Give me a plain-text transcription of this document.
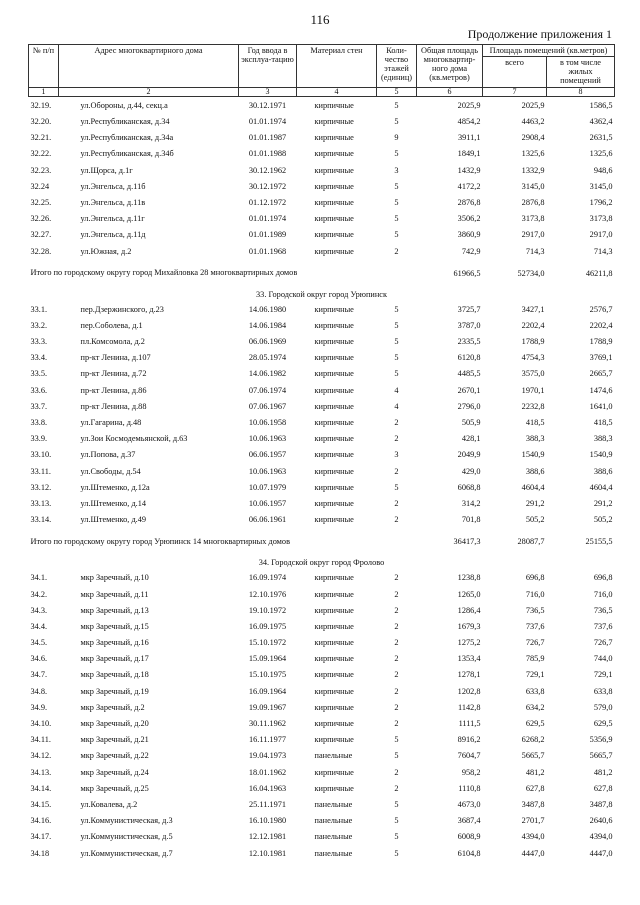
116
Продолжение приложения 1
№ п/п	Адрес многоквартирного дома	Год ввода в эксплуа-тацию	Материал стен	Коли-чество этажей (единиц)	Общая площадь многоквартир-ного дома (кв.метров)	Площадь помещений (кв.метров)	
						всего	в том числе жилых помещений
1	2	3	4	5	6	7	8
32.19.	ул.Обороны, д.44, секц.а	30.12.1971	кирпичные	5	2025,9	2025,9	1586,5
32.20.	ул.Республиканская, д.34	01.01.1974	кирпичные	5	4854,2	4463,2	4362,4
32.21.	ул.Республиканская, д.34а	01.01.1987	кирпичные	9	3911,1	2908,4	2631,5
32.22.	ул.Республиканская, д.34б	01.01.1988	кирпичные	5	1849,1	1325,6	1325,6
32.23.	ул.Щорса, д.1г	30.12.1962	кирпичные	3	1432,9	1332,9	948,6
32.24	ул.Энгельса, д.11б	30.12.1972	кирпичные	5	4172,2	3145,0	3145,0
32.25.	ул.Энгельса, д.11в	01.12.1972	кирпичные	5	2876,8	2876,8	1796,2
32.26.	ул.Энгельса, д.11г	01.01.1974	кирпичные	5	3506,2	3173,8	3173,8
32.27.	ул.Энгельса, д.11д	01.01.1989	кирпичные	5	3860,9	2917,0	2917,0
32.28.	ул.Южная, д.2	01.01.1968	кирпичные	2	742,9	714,3	714,3
Итого по городскому округу город Михайловка 28 многоквартирных домов					61966,5	52734,0	46211,8
33. Городской округ город Урюпинск							
33.1.	пер.Дзержинского, д.23	14.06.1980	кирпичные	5	3725,7	3427,1	2576,7
33.2.	пер.Соболева, д.1	14.06.1984	кирпичные	5	3787,0	2202,4	2202,4
33.3.	пл.Комсомола, д.2	06.06.1969	кирпичные	5	2335,5	1788,9	1788,9
33.4.	пр-кт Ленина, д.107	28.05.1974	кирпичные	5	6120,8	4754,3	3769,1
33.5.	пр-кт Ленина, д.72	14.06.1982	кирпичные	5	4485,5	3575,0	2665,7
33.6.	пр-кт Ленина, д.86	07.06.1974	кирпичные	4	2670,1	1970,1	1474,6
33.7.	пр-кт Ленина, д.88	07.06.1967	кирпичные	4	2796,0	2232,8	1641,0
33.8.	ул.Гагарина, д.48	10.06.1958	кирпичные	2	505,9	418,5	418,5
33.9.	ул.Зои Космодемьянской, д.63	10.06.1963	кирпичные	2	428,1	388,3	388,3
33.10.	ул.Попова, д.37	06.06.1957	кирпичные	3	2049,9	1540,9	1540,9
33.11.	ул.Свободы, д.54	10.06.1963	кирпичные	2	429,0	388,6	388,6
33.12.	ул.Штеменко, д.12а	10.07.1979	кирпичные	5	6068,8	4604,4	4604,4
33.13.	ул.Штеменко, д.14	10.06.1957	кирпичные	2	314,2	291,2	291,2
33.14.	ул.Штеменко, д.49	06.06.1961	кирпичные	2	701,8	505,2	505,2
Итого по городскому округу город Урюпинск 14 многоквартирных домов					36417,3	28087,7	25155,5
34. Городской округ город Фролово							
34.1.	мкр Заречный, д.10	16.09.1974	кирпичные	2	1238,8	696,8	696,8
34.2.	мкр Заречный, д.11	12.10.1976	кирпичные	2	1265,0	716,0	716,0
34.3.	мкр Заречный, д.13	19.10.1972	кирпичные	2	1286,4	736,5	736,5
34.4.	мкр Заречный, д.15	16.09.1975	кирпичные	2	1679,3	737,6	737,6
34.5.	мкр Заречный, д.16	15.10.1972	кирпичные	2	1275,2	726,7	726,7
34.6.	мкр Заречный, д.17	15.09.1964	кирпичные	2	1353,4	785,9	744,0
34.7.	мкр Заречный, д.18	15.10.1975	кирпичные	2	1278,1	729,1	729,1
34.8.	мкр Заречный, д.19	16.09.1964	кирпичные	2	1202,8	633,8	633,8
34.9.	мкр Заречный, д.2	19.09.1967	кирпичные	2	1142,8	634,2	579,0
34.10.	мкр Заречный, д.20	30.11.1962	кирпичные	2	1111,5	629,5	629,5
34.11.	мкр Заречный, д.21	16.11.1977	кирпичные	5	8916,2	6268,2	5356,9
34.12.	мкр Заречный, д.22	19.04.1973	панельные	5	7604,7	5665,7	5665,7
34.13.	мкр Заречный, д.24	18.01.1962	кирпичные	2	958,2	481,2	481,2
34.14.	мкр Заречный, д.25	16.04.1963	кирпичные	2	1110,8	627,8	627,8
34.15.	ул.Ковалева, д.2	25.11.1971	панельные	5	4673,0	3487,8	3487,8
34.16.	ул.Коммунистическая, д.3	16.10.1980	панельные	5	3687,4	2701,7	2640,6
34.17.	ул.Коммунистическая, д.5	12.12.1981	панельные	5	6008,9	4394,0	4394,0
34.18	ул.Коммунистическая, д.7	12.10.1981	панельные	5	6104,8	4447,0	4447,0
